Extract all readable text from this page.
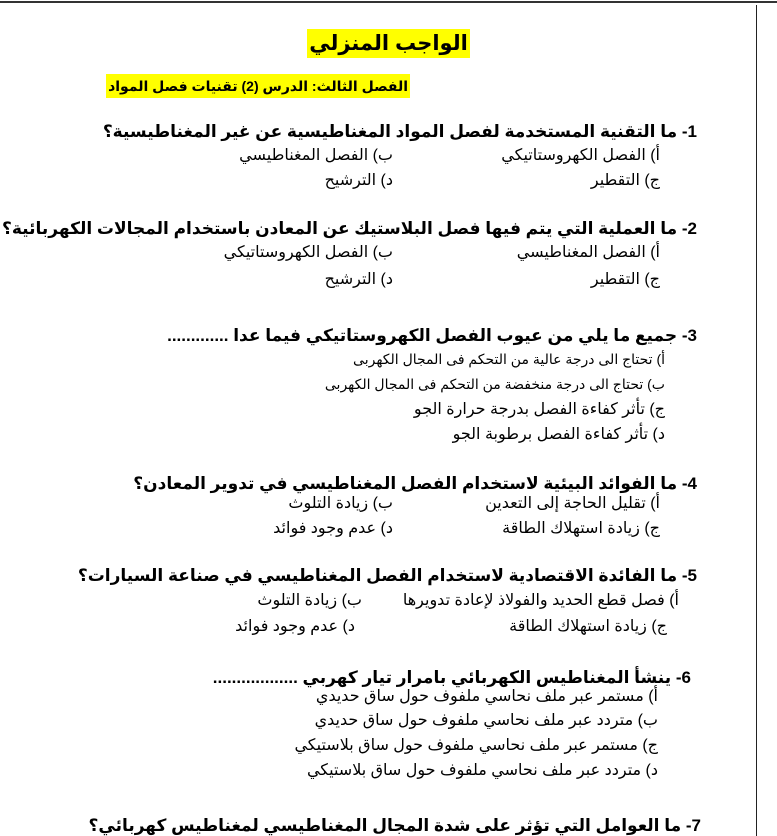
الواجب المنزلي
الفصل الثالث: الدرس (2) تقنيات فصل المواد
1- ما التقنية المستخدمة لفصل المواد المغناطيسية عن غير المغناطيسية؟
أ) الفصل الكهروستاتيكي
ب) الفصل المغناطيسي
ج) التقطير
د) الترشيح
2- ما العملية التي يتم فيها فصل البلاستيك عن المعادن باستخدام المجالات الكهربائية؟
أ) الفصل المغناطيسي
ب) الفصل الكهروستاتيكي
ج) التقطير
د) الترشيح
3- جميع ما يلي من عيوب الفصل الكهروستاتيكي فيما عدا .............
أ) تحتاج الى درجة عالية من التحكم فى المجال الكهربى
ب) تحتاج الى درجة منخفضة من التحكم فى المجال الكهربى
ج) تأثر كفاءة الفصل بدرجة حرارة الجو
د) تأثر كفاءة الفصل برطوبة الجو
4- ما الفوائد البيئية لاستخدام الفصل المغناطيسي في تدوير المعادن؟
أ) تقليل الحاجة إلى التعدين
ب) زيادة التلوث
ج) زيادة استهلاك الطاقة
د) عدم وجود فوائد
5- ما الفائدة الاقتصادية لاستخدام الفصل المغناطيسي في صناعة السيارات؟
أ) فصل قطع الحديد والفولاذ لإعادة تدويرها
ب) زيادة التلوث
ج) زيادة استهلاك الطاقة
د) عدم وجود فوائد
6- ينشأ المغناطيس الكهربائي بامرار تيار كهربي ..................
أ) مستمر عبر ملف نحاسي ملفوف حول ساق حديدي
ب) متردد عبر ملف نحاسي ملفوف حول ساق حديدي
ج) مستمر عبر ملف نحاسي ملفوف حول ساق بلاستيكي
د) متردد عبر ملف نحاسي ملفوف حول ساق بلاستيكي
7- ما العوامل التي تؤثر على شدة المجال المغناطيسي لمغناطيس كهربائي؟
